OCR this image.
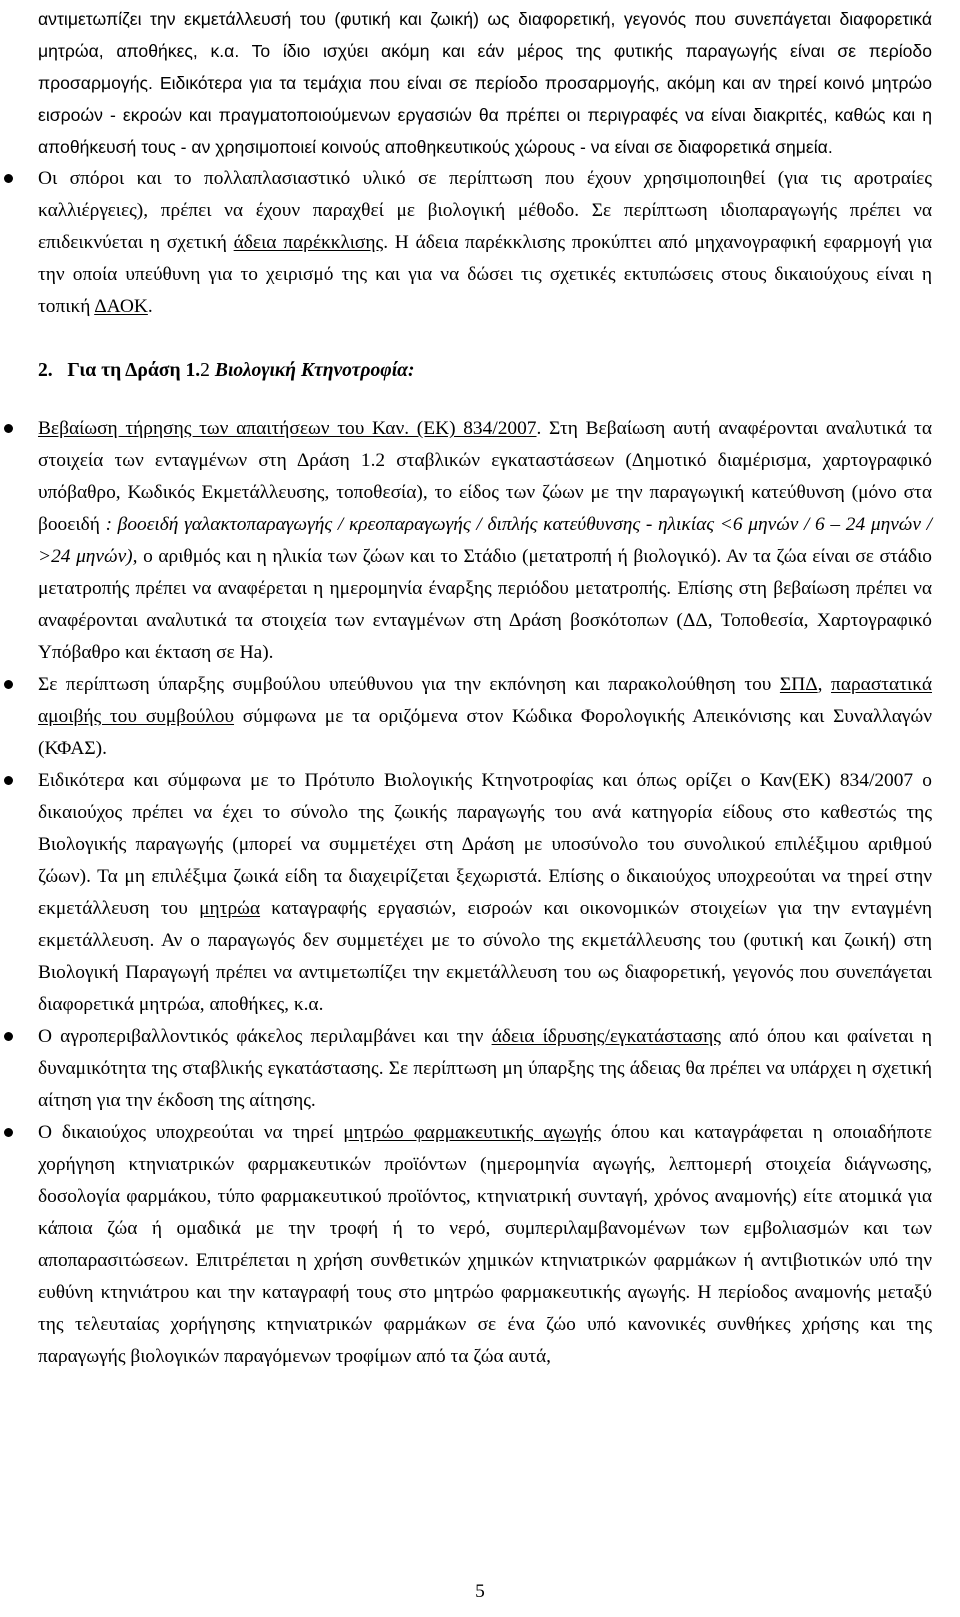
αντιμετωπίζει την εκμετάλλευσή του (φυτική και ζωική) ως διαφορετική, γεγονός που συνεπάγεται διαφορετικά μητρώα, αποθήκες, κ.α. Το ίδιο ισχύει ακόμη και εάν μέρος της φυτικής παραγωγής είναι σε περίοδο προσαρμογής. Ειδικότερα για τα τεμάχια που είναι σε περίοδο προσαρμογής, ακόμη και αν τηρεί κοινό μητρώο εισροών - εκροών και πραγματοποιούμενων εργασιών θα πρέπει οι περιγραφές να είναι διακριτές, καθώς και η αποθήκευσή τους - αν χρησιμοποιεί κοινούς αποθηκευτικούς χώρους - να είναι σε διαφορετικά σημεία.

Οι σπόροι και το πολλαπλασιαστικό υλικό σε περίπτωση που έχουν χρησιμοποιηθεί (για τις αροτραίες καλλιέργειες), πρέπει να έχουν παραχθεί με βιολογική μέθοδο. Σε περίπτωση ιδιοπαραγωγής πρέπει να επιδεικνύεται η σχετική άδεια παρέκκλισης. Η άδεια παρέκκλισης προκύπτει από μηχανογραφική εφαρμογή για την οποία υπεύθυνη για το χειρισμό της και για να δώσει τις σχετικές εκτυπώσεις στους δικαιούχους είναι η τοπική ΔΑΟΚ.

2. Για τη Δράση 1.2 Βιολογική Κτηνοτροφία:

Βεβαίωση τήρησης των απαιτήσεων του Καν. (ΕΚ) 834/2007. Στη Βεβαίωση αυτή αναφέρονται αναλυτικά τα στοιχεία των ενταγμένων στη Δράση 1.2 σταβλικών εγκαταστάσεων (Δημοτικό διαμέρισμα, χαρτογραφικό υπόβαθρο, Κωδικός Εκμετάλλευσης, τοποθεσία), το είδος των ζώων με την παραγωγική κατεύθυνση (μόνο στα βοοειδή : βοοειδή γαλακτοπαραγωγής / κρεοπαραγωγής / διπλής κατεύθυνσης - ηλικίας <6 μηνών / 6 – 24 μηνών / >24 μηνών), ο αριθμός και η ηλικία των ζώων και το Στάδιο (μετατροπή ή βιολογικό). Αν τα ζώα είναι σε στάδιο μετατροπής πρέπει να αναφέρεται η ημερομηνία έναρξης περιόδου μετατροπής. Επίσης στη βεβαίωση πρέπει να αναφέρονται αναλυτικά τα στοιχεία των ενταγμένων στη Δράση βοσκότοπων (ΔΔ, Τοποθεσία, Χαρτογραφικό Υπόβαθρο και έκταση σε Ha).

Σε περίπτωση ύπαρξης συμβούλου υπεύθυνου για την εκπόνηση και παρακολούθηση του ΣΠΔ, παραστατικά αμοιβής του συμβούλου σύμφωνα με τα οριζόμενα στον Κώδικα Φορολογικής Απεικόνισης και Συναλλαγών (ΚΦΑΣ).

Ειδικότερα και σύμφωνα με το Πρότυπο Βιολογικής Κτηνοτροφίας και όπως ορίζει ο Καν(ΕΚ) 834/2007 ο δικαιούχος πρέπει να έχει το σύνολο της ζωικής παραγωγής του ανά κατηγορία είδους στο καθεστώς της Βιολογικής παραγωγής (μπορεί να συμμετέχει στη Δράση με υποσύνολο του συνολικού επιλέξιμου αριθμού ζώων). Τα μη επιλέξιμα ζωικά είδη τα διαχειρίζεται ξεχωριστά. Επίσης ο δικαιούχος υποχρεούται να τηρεί στην εκμετάλλευση του μητρώα καταγραφής εργασιών, εισροών και οικονομικών στοιχείων για την ενταγμένη εκμετάλλευση. Αν ο παραγωγός δεν συμμετέχει με το σύνολο της εκμετάλλευσης του (φυτική και ζωική) στη Βιολογική Παραγωγή πρέπει να αντιμετωπίζει την εκμετάλλευση του ως διαφορετική, γεγονός που συνεπάγεται διαφορετικά μητρώα, αποθήκες, κ.α.

Ο αγροπεριβαλλοντικός φάκελος περιλαμβάνει και την άδεια ίδρυσης/εγκατάστασης από όπου και φαίνεται η δυναμικότητα της σταβλικής εγκατάστασης. Σε περίπτωση μη ύπαρξης της άδειας θα πρέπει να υπάρχει η σχετική αίτηση για την έκδοση της αίτησης.

Ο δικαιούχος υποχρεούται να τηρεί μητρώο φαρμακευτικής αγωγής όπου και καταγράφεται η οποιαδήποτε χορήγηση κτηνιατρικών φαρμακευτικών προϊόντων (ημερομηνία αγωγής, λεπτομερή στοιχεία διάγνωσης, δοσολογία φαρμάκου, τύπο φαρμακευτικού προϊόντος, κτηνιατρική συνταγή, χρόνος αναμονής) είτε ατομικά για κάποια ζώα ή ομαδικά με την τροφή ή το νερό, συμπεριλαμβανομένων των εμβολιασμών και των αποπαρασιτώσεων. Επιτρέπεται η χρήση συνθετικών χημικών κτηνιατρικών φαρμάκων ή αντιβιοτικών υπό την ευθύνη κτηνιάτρου και την καταγραφή τους στο μητρώο φαρμακευτικής αγωγής. Η περίοδος αναμονής μεταξύ της τελευταίας χορήγησης κτηνιατρικών φαρμάκων σε ένα ζώο υπό κανονικές συνθήκες χρήσης και της παραγωγής βιολογικών παραγόμενων τροφίμων από τα ζώα αυτά,

5
